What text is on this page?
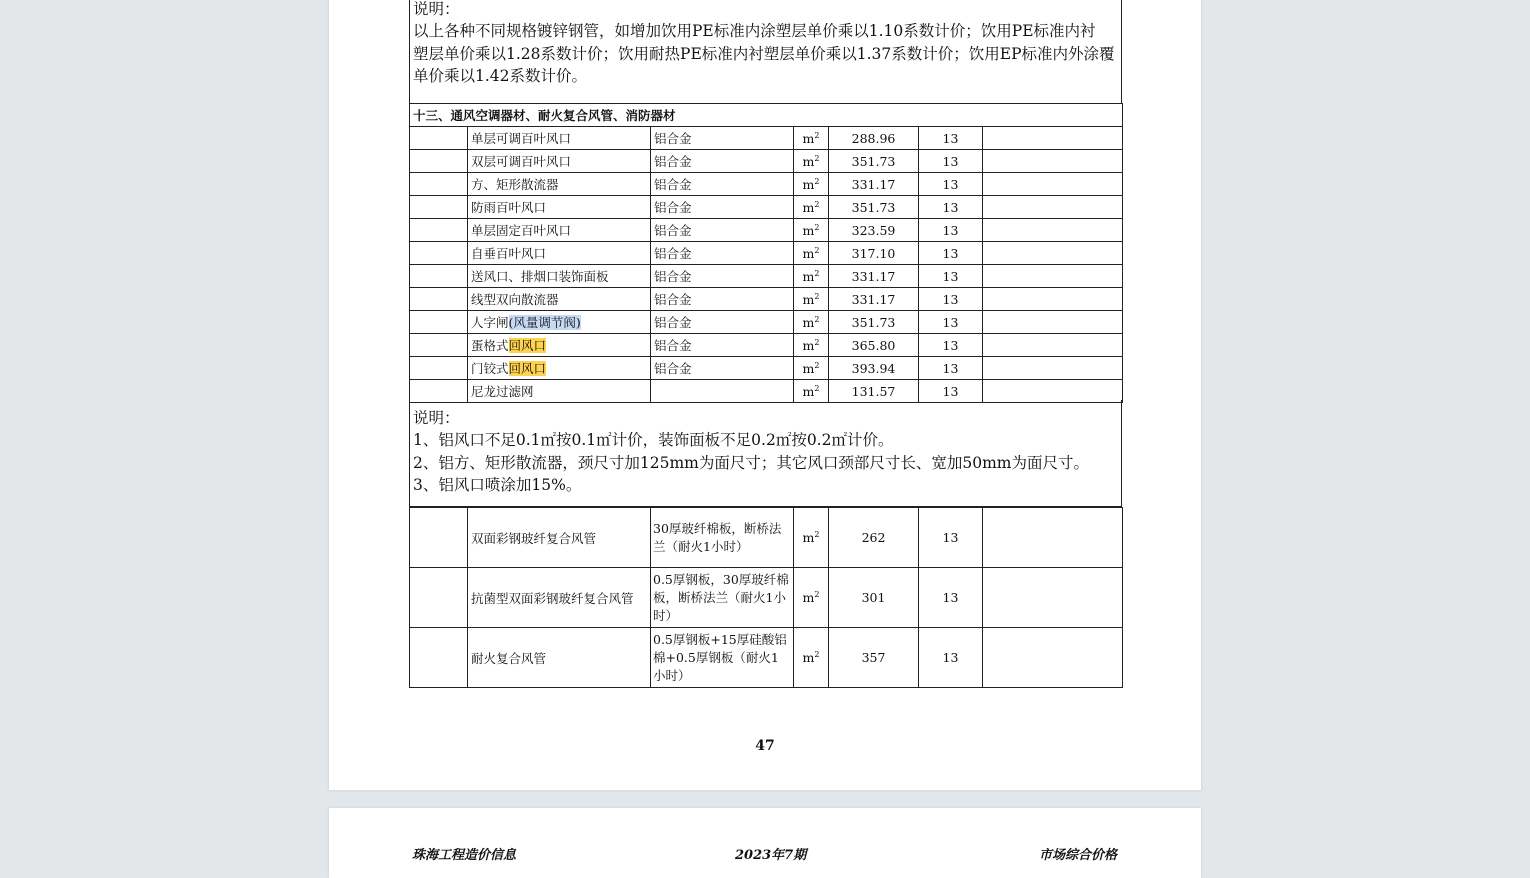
说明：
以上各种不同规格镀锌钢管，如增加饮用PE标准内涂塑层单价乘以1.10系数计价；饮用PE标准内衬
塑层单价乘以1.28系数计价；饮用耐热PE标准内衬塑层单价乘以1.37系数计价；饮用EP标准内外涂覆
单价乘以1.42系数计价。
十三、通风空调器材、耐火复合风管、消防器材						
	单层可调百叶风口	铝合金	$m^2$	288.96	13	
	双层可调百叶风口	铝合金	$m^2$	351.73	13	
	方、矩形散流器	铝合金	$m^2$	331.17	13	
	防雨百叶风口	铝合金	$m^2$	351.73	13	
	单层固定百叶风口	铝合金	$m^2$	323.59	13	
	自垂百叶风口	铝合金	$m^2$	317.10	13	
	送风口、排烟口装饰面板	铝合金	$m^2$	331.17	13	
	线型双向散流器	铝合金	$m^2$	331.17	13	
	人字闸(风量调节阀)	铝合金	$m^2$	351.73	13	
	蛋格式回风口	铝合金	$m^2$	365.80	13	
	门铰式回风口	铝合金	$m^2$	393.94	13	
	尼龙过滤网		$m^2$	131.57	13	
说明：
1、铝风口不足0.1㎡按0.1㎡计价，装饰面板不足0.2㎡按0.2㎡计价。
2、铝方、矩形散流器，颈尺寸加125mm为面尺寸；其它风口颈部尺寸长、宽加50mm为面尺寸。
3、铝风口喷涂加15%。
	双面彩钢玻纤复合风管	30厚玻纤棉板，断桥法兰（耐火1小时）	$m^2$	262	13	
	抗菌型双面彩钢玻纤复合风管	0.5厚钢板，30厚玻纤棉板，断桥法兰（耐火1小时）	$m^2$	301	13	
	耐火复合风管	0.5厚钢板+15厚硅酸铝棉+0.5厚钢板（耐火1小时）	$m^2$	357	13	
47
珠海工程造价信息	2023年7期	市场综合价格
